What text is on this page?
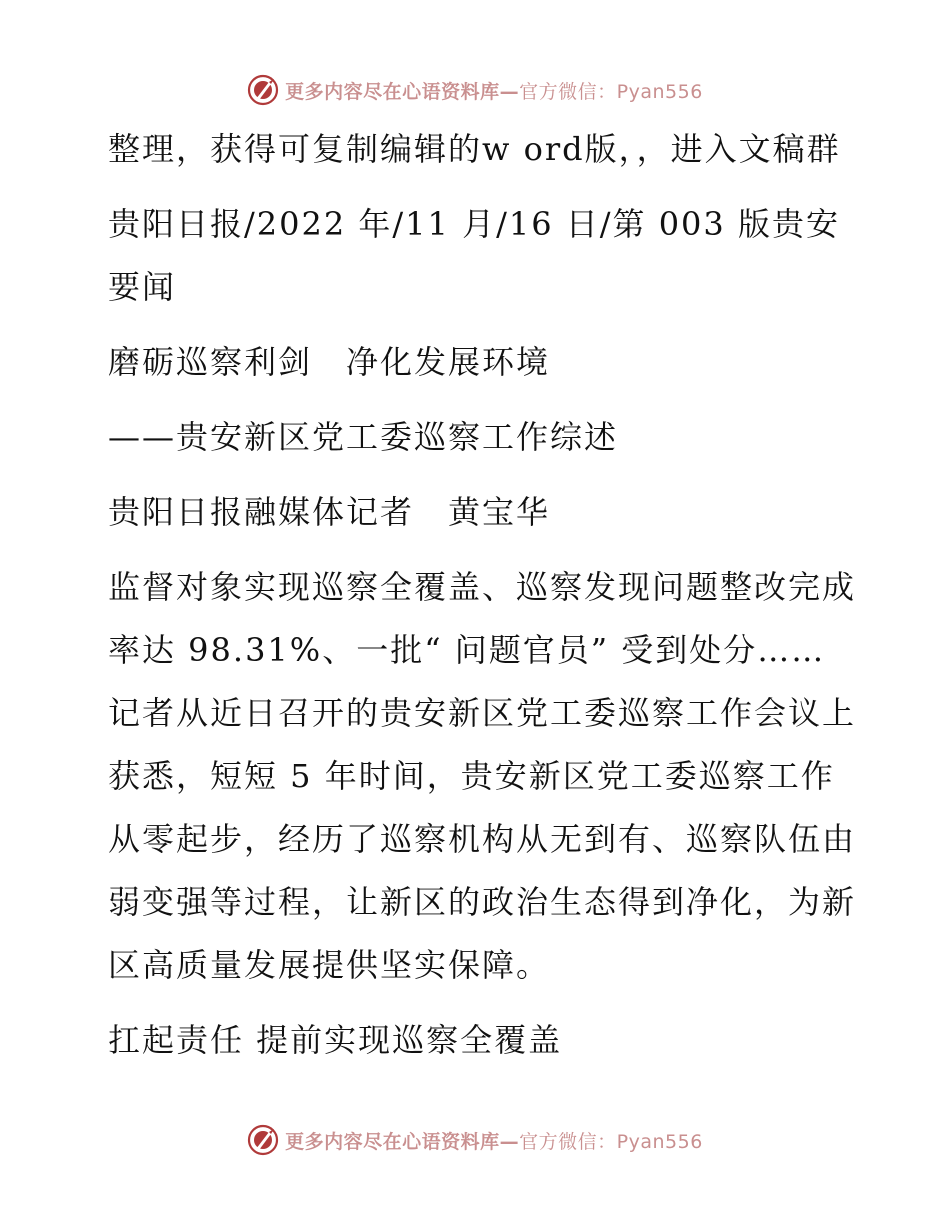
更多内容尽在心语资料库—官方微信：Pyan556

整理，获得可复制编辑的w ord版，，进入文稿群

贵阳日报/2022 年/11 月/16 日/第 003 版贵安要闻

磨砺巡察利剑　净化发展环境

——贵安新区党工委巡察工作综述

贵阳日报融媒体记者　黄宝华

监督对象实现巡察全覆盖、巡察发现问题整改完成率达 98.31%、一批“ 问题官员” 受到处分……记者从近日召开的贵安新区党工委巡察工作会议上获悉，短短 5 年时间，贵安新区党工委巡察工作从零起步，经历了巡察机构从无到有、巡察队伍由弱变强等过程，让新区的政治生态得到净化，为新区高质量发展提供坚实保障。

扛起责任 提前实现巡察全覆盖

更多内容尽在心语资料库—官方微信：Pyan556
